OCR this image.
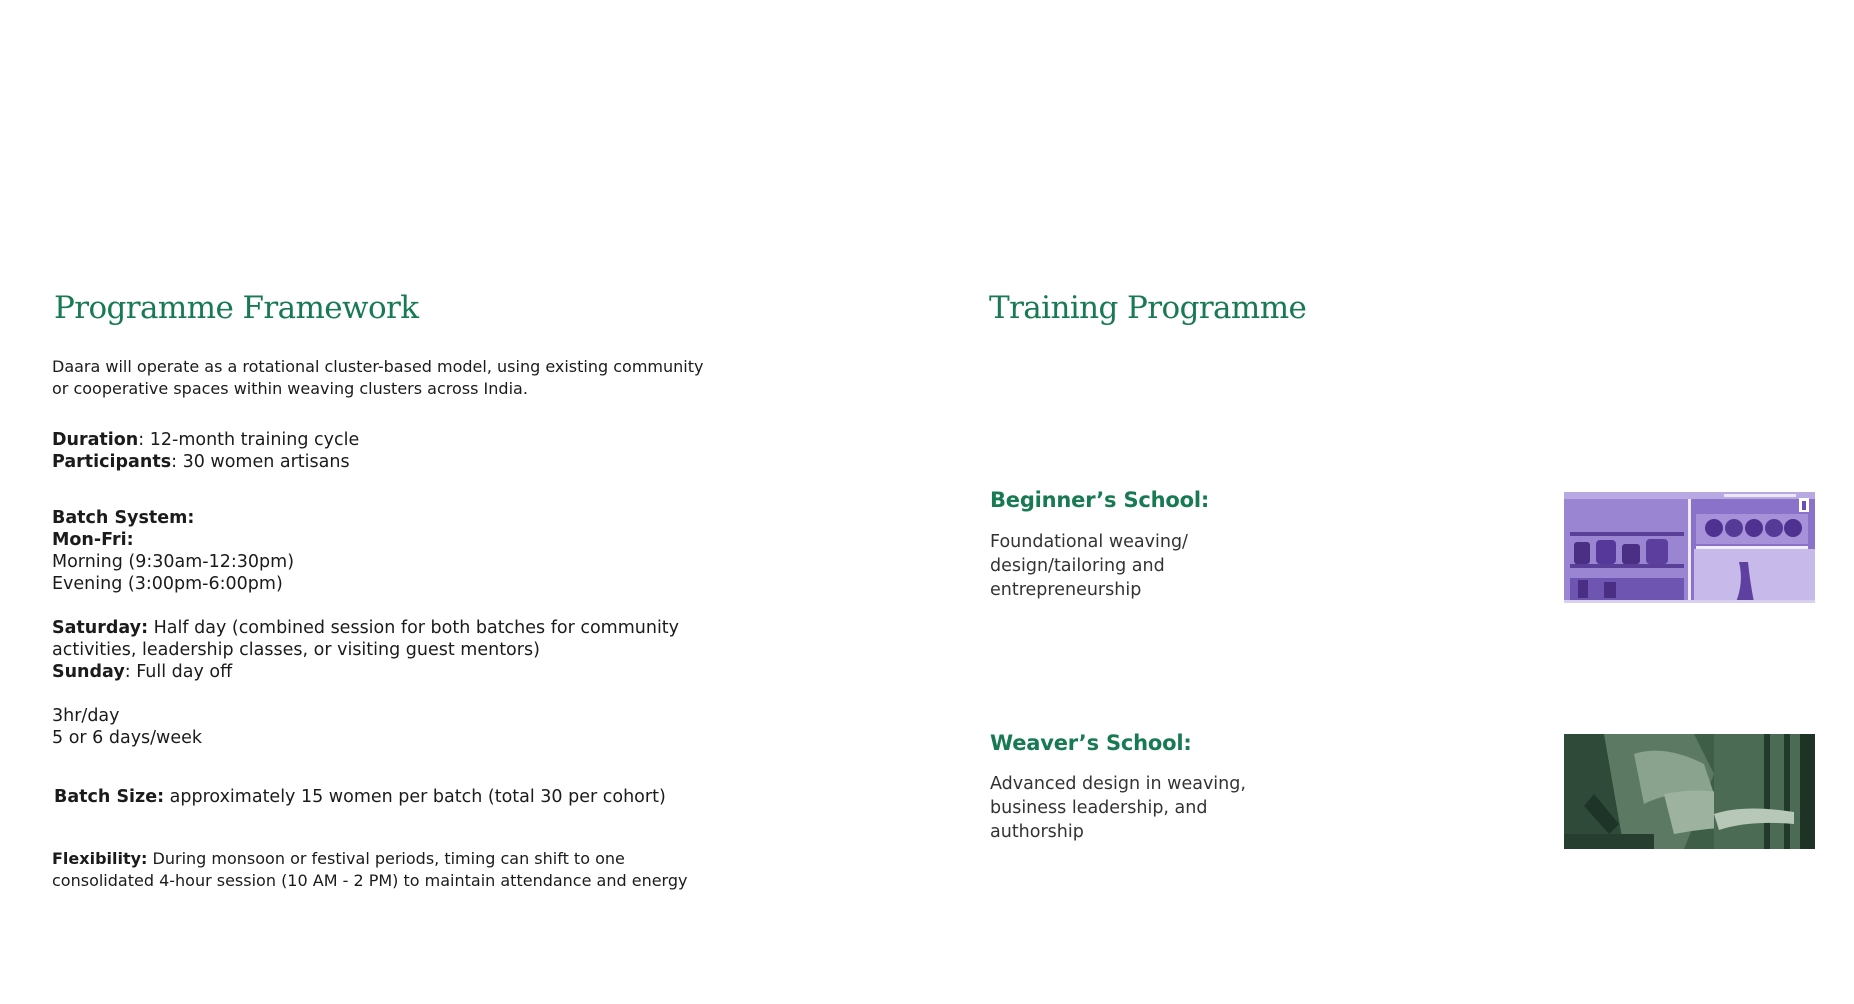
Programme Framework

Daara will operate as a rotational cluster-based model, using existing community
or cooperative spaces within weaving clusters across India.

Duration: 12-month training cycle

Participants: 30 women artisans

Batch System:

Mon-Fri:

Morning (9:30am-12:30pm)

Evening (3:00pm-6:00pm)

Saturday: Half day (combined session for both batches for community

activities, leadership classes, or visiting guest mentors)

Sunday: Full day off

3hr/day

5 or 6 days/week

Batch Size: approximately 15 women per batch (total 30 per cohort)

Flexibility: During monsoon or festival periods, timing can shift to one
consolidated 4-hour session (10 AM - 2 PM) to maintain attendance and energy

Training Programme

Beginner’s School:

Foundational weaving/
design/tailoring and
entrepreneurship

Weaver’s School:

Advanced design in weaving,
business leadership, and
authorship
